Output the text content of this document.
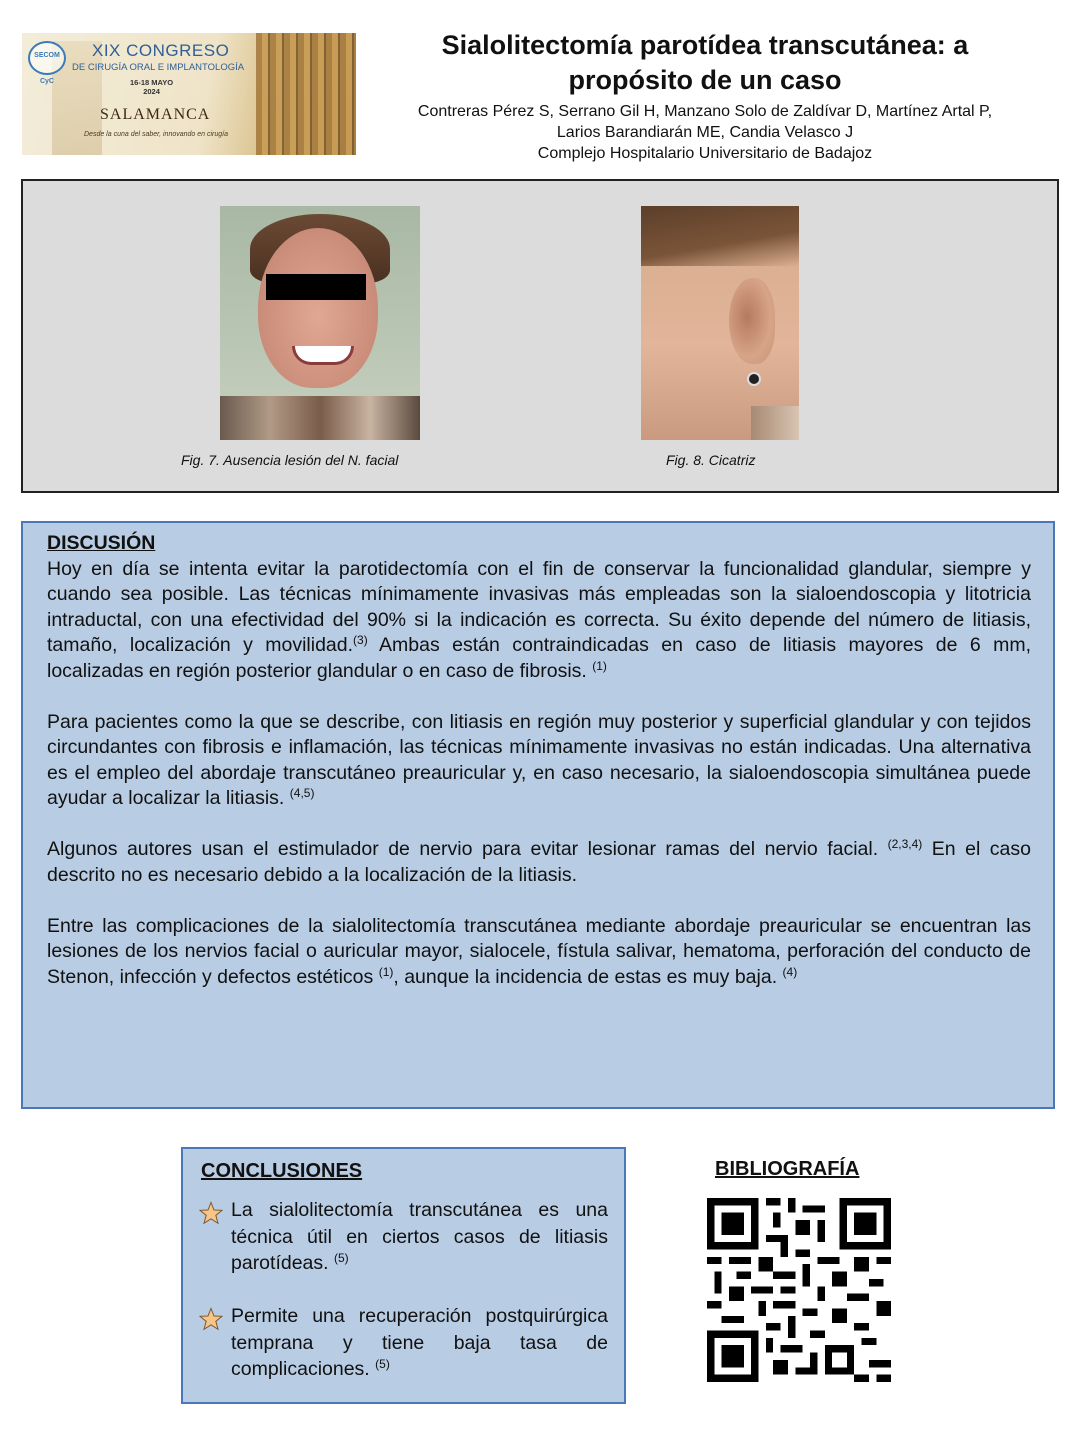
SECOM CyC
XIX CONGRESO
DE CIRUGÍA ORAL E IMPLANTOLOGÍA
16-18 MAYO
2024
SALAMANCA
Desde la cuna del saber, innovando en cirugía
Sialolitectomía parotídea transcutánea: a propósito de un caso
Contreras Pérez S, Serrano Gil H, Manzano Solo de Zaldívar D, Martínez Artal P,
Larios Barandiarán ME, Candia Velasco J
Complejo Hospitalario Universitario de Badajoz
Fig. 7. Ausencia lesión del N. facial	Fig. 8. Cicatriz
DISCUSIÓN

Hoy en día se intenta evitar la parotidectomía con el fin de conservar la funcionalidad glandular, siempre y cuando sea posible. Las técnicas mínimamente invasivas más empleadas son la sialoendoscopia y litotricia intraductal, con una efectividad del 90% si la indicación es correcta. Su éxito depende del número de litiasis, tamaño, localización y movilidad.$^{(3)}$ Ambas están contraindicadas en caso de litiasis mayores de 6 mm, localizadas en región posterior glandular o en caso de fibrosis. $^{(1)}$

Para pacientes como la que se describe, con litiasis en región muy posterior y superficial glandular y con tejidos circundantes con fibrosis e inflamación, las técnicas mínimamente invasivas no están indicadas. Una alternativa es el empleo del abordaje transcutáneo preauricular y, en caso necesario, la sialoendoscopia simultánea puede ayudar a localizar la litiasis. $^{(4,5)}$

Algunos autores usan el estimulador de nervio para evitar lesionar ramas del nervio facial. $^{(2,3,4)}$ En el caso descrito no es necesario debido a la localización de la litiasis.

Entre las complicaciones de la sialolitectomía transcutánea mediante abordaje preauricular se encuentran las lesiones de los nervios facial o auricular mayor, sialocele, fístula salivar, hematoma, perforación del conducto de Stenon, infección y defectos estéticos $^{(1)}$, aunque la incidencia de estas es muy baja. $^{(4)}$

CONCLUSIONES
La sialolitectomía transcutánea es una técnica útil en ciertos casos de litiasis parotídeas. $^{(5)}$
Permite una recuperación postquirúrgica temprana y tiene baja tasa de complicaciones. $^{(5)}$
BIBLIOGRAFÍA
